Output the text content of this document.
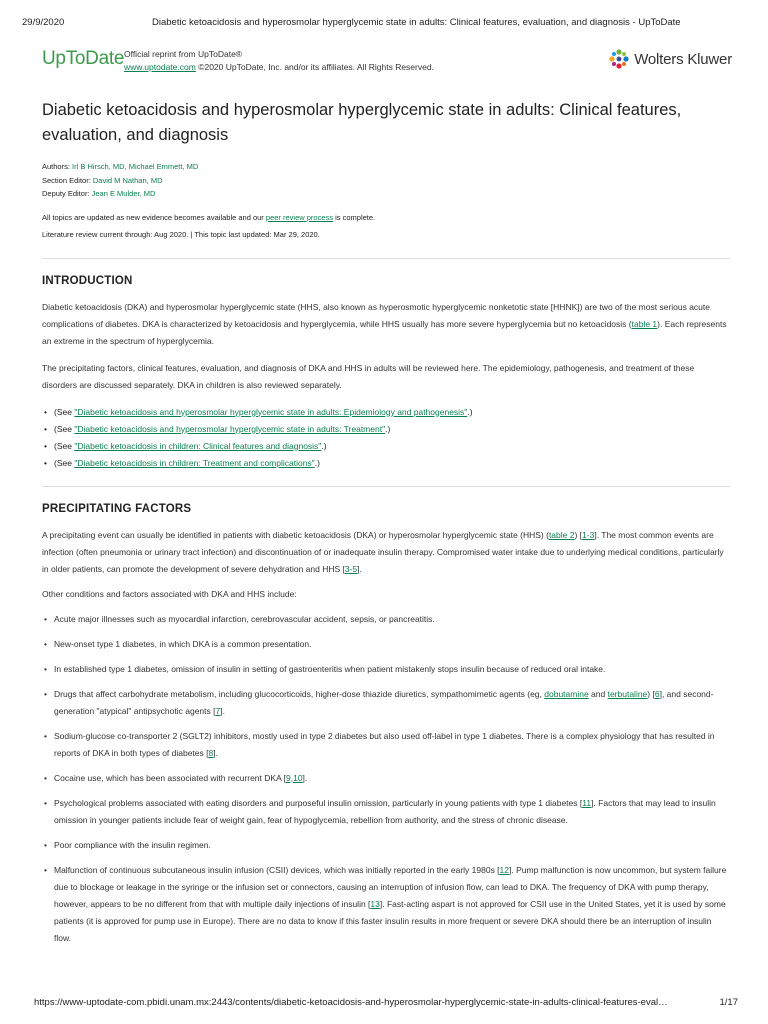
29/9/2020	Diabetic ketoacidosis and hyperosmolar hyperglycemic state in adults: Clinical features, evaluation, and diagnosis - UpToDate
UpToDate Official reprint from UpToDate®
www.uptodate.com ©2020 UpToDate, Inc. and/or its affiliates. All Rights Reserved.	Wolters Kluwer
Diabetic ketoacidosis and hyperosmolar hyperglycemic state in adults: Clinical features, evaluation, and diagnosis
Authors: Irl B Hirsch, MD, Michael Emmett, MD
Section Editor: David M Nathan, MD
Deputy Editor: Jean E Mulder, MD
All topics are updated as new evidence becomes available and our peer review process is complete.
Literature review current through: Aug 2020. | This topic last updated: Mar 29, 2020.
INTRODUCTION

Diabetic ketoacidosis (DKA) and hyperosmolar hyperglycemic state (HHS, also known as hyperosmotic hyperglycemic nonketotic state [HHNK]) are two of the most serious acute complications of diabetes. DKA is characterized by ketoacidosis and hyperglycemia, while HHS usually has more severe hyperglycemia but no ketoacidosis (table 1). Each represents an extreme in the spectrum of hyperglycemia.

The precipitating factors, clinical features, evaluation, and diagnosis of DKA and HHS in adults will be reviewed here. The epidemiology, pathogenesis, and treatment of these disorders are discussed separately. DKA in children is also reviewed separately.

• (See "Diabetic ketoacidosis and hyperosmolar hyperglycemic state in adults: Epidemiology and pathogenesis".)
• (See "Diabetic ketoacidosis and hyperosmolar hyperglycemic state in adults: Treatment".)
• (See "Diabetic ketoacidosis in children: Clinical features and diagnosis".)
• (See "Diabetic ketoacidosis in children: Treatment and complications".)
PRECIPITATING FACTORS

A precipitating event can usually be identified in patients with diabetic ketoacidosis (DKA) or hyperosmolar hyperglycemic state (HHS) (table 2) [1-3]. The most common events are infection (often pneumonia or urinary tract infection) and discontinuation of or inadequate insulin therapy. Compromised water intake due to underlying medical conditions, particularly in older patients, can promote the development of severe dehydration and HHS [3-5].

Other conditions and factors associated with DKA and HHS include:

• Acute major illnesses such as myocardial infarction, cerebrovascular accident, sepsis, or pancreatitis.
• New-onset type 1 diabetes, in which DKA is a common presentation.
• In established type 1 diabetes, omission of insulin in setting of gastroenteritis when patient mistakenly stops insulin because of reduced oral intake.
• Drugs that affect carbohydrate metabolism, including glucocorticoids, higher-dose thiazide diuretics, sympathomimetic agents (eg, dobutamine and terbutaline) [6], and second-generation "atypical" antipsychotic agents [7].
• Sodium-glucose co-transporter 2 (SGLT2) inhibitors, mostly used in type 2 diabetes but also used off-label in type 1 diabetes. There is a complex physiology that has resulted in reports of DKA in both types of diabetes [8].
• Cocaine use, which has been associated with recurrent DKA [9,10].
• Psychological problems associated with eating disorders and purposeful insulin omission, particularly in young patients with type 1 diabetes [11]. Factors that may lead to insulin omission in younger patients include fear of weight gain, fear of hypoglycemia, rebellion from authority, and the stress of chronic disease.
• Poor compliance with the insulin regimen.
• Malfunction of continuous subcutaneous insulin infusion (CSII) devices, which was initially reported in the early 1980s [12]. Pump malfunction is now uncommon, but system failure due to blockage or leakage in the syringe or the infusion set or connectors, causing an interruption of infusion flow, can lead to DKA. The frequency of DKA with pump therapy, however, appears to be no different from that with multiple daily injections of insulin [13]. Fast-acting aspart is not approved for CSII use in the United States, yet it is used by some patients (it is approved for pump use in Europe). There are no data to know if this faster insulin results in more frequent or severe DKA should there be an interruption of insulin flow.
https://www-uptodate-com.pbidi.unam.mx:2443/contents/diabetic-ketoacidosis-and-hyperosmolar-hyperglycemic-state-in-adults-clinical-features-eval…	1/17
